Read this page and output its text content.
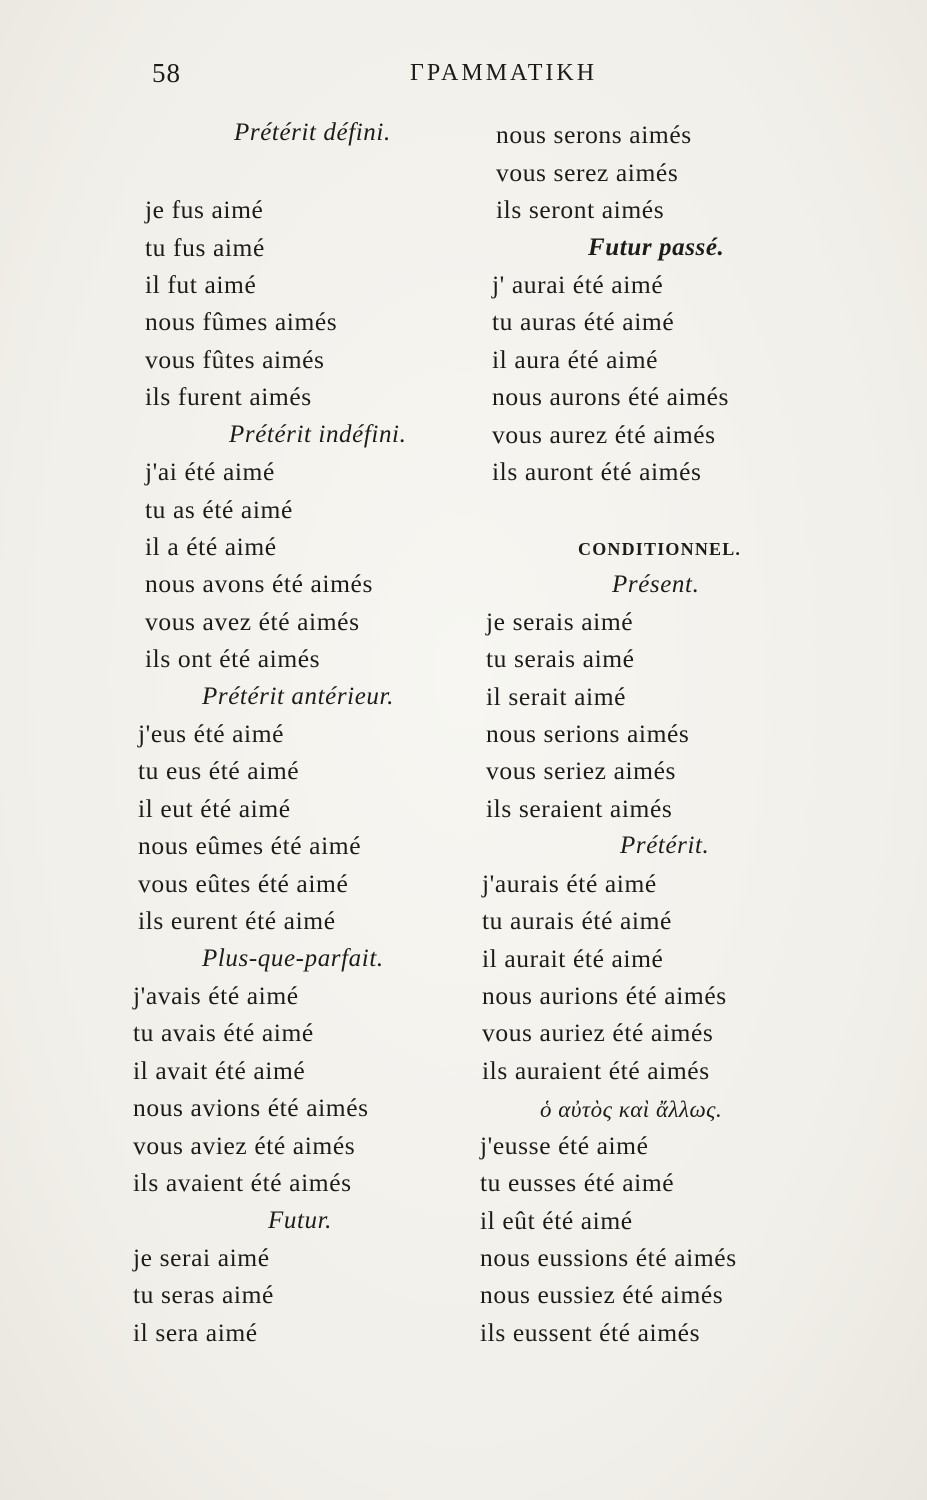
58	ΓΡΑΜΜΑΤΙΚΗ
Prétérit défini.
je fus aimé
tu fus aimé
il fut aimé
nous fûmes aimés
vous fûtes aimés
ils furent aimés
Prétérit indéfini.
j'ai été aimé
tu as été aimé
il a été aimé
nous avons été aimés
vous avez été aimés
ils ont été aimés
Prétérit antérieur.
j'eus été aimé
tu eus été aimé
il eut été aimé
nous eûmes été aimé
vous eûtes été aimé
ils eurent été aimé
Plus-que-parfait.
j'avais été aimé
tu avais été aimé
il avait été aimé
nous avions été aimés
vous aviez été aimés
ils avaient été aimés
Futur.
je serai aimé
tu seras aimé
il sera aimé
nous serons aimés
vous serez aimés
ils seront aimés
Futur passé.
j' aurai été aimé
tu auras été aimé
il aura été aimé
nous aurons été aimés
vous aurez été aimés
ils auront été aimés
CONDITIONNEL.
Présent.
je serais aimé
tu serais aimé
il serait aimé
nous serions aimés
vous seriez aimés
ils seraient aimés
Prétérit.
j'aurais été aimé
tu aurais été aimé
il aurait été aimé
nous aurions été aimés
vous auriez été aimés
ils auraient été aimés
ὁ αὐτὸς καὶ ἄλλως.
j'eusse été aimé
tu eusses été aimé
il eût été aimé
nous eussions été aimés
nous eussiez été aimés
ils eussent été aimés
